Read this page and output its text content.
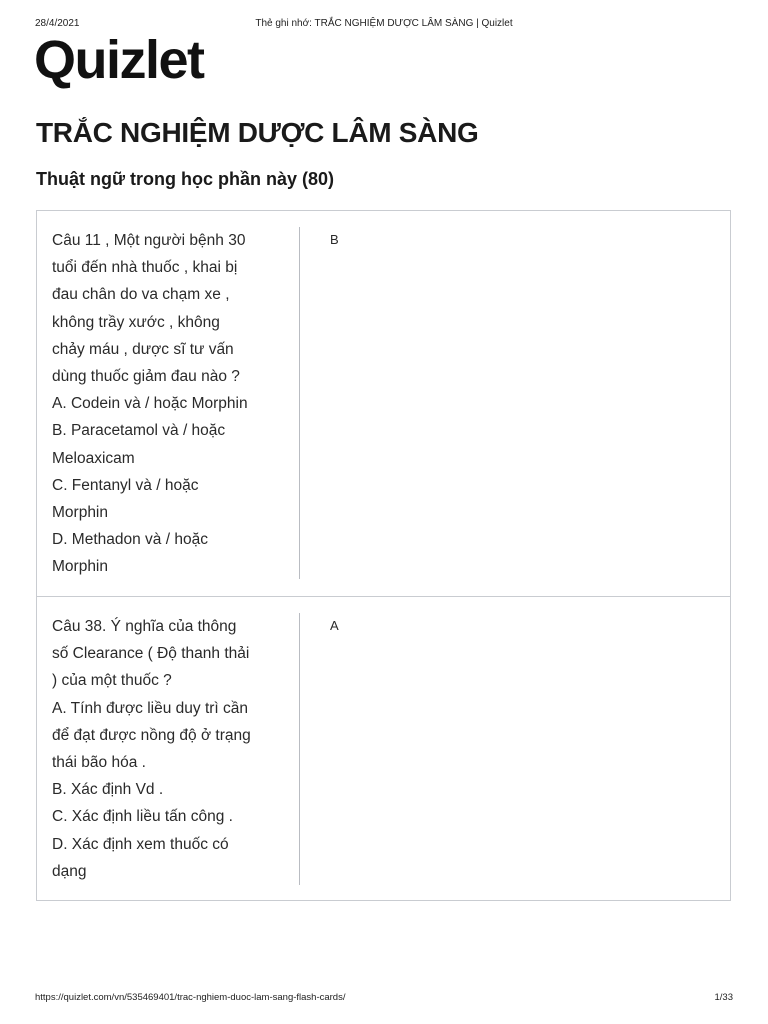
28/4/2021	Thẻ ghi nhớ: TRẮC NGHIỆM DƯỢC LÂM SÀNG | Quizlet
Quizlet
TRẮC NGHIỆM DƯỢC LÂM SÀNG
Thuật ngữ trong học phần này (80)
Câu 11 , Một người bệnh 30
tuổi đến nhà thuốc , khai bị
đau chân do va chạm xe ,
không trầy xước , không
chảy máu , dược sĩ tư vấn
dùng thuốc giảm đau nào ?
A. Codein và / hoặc Morphin
B. Paracetamol và / hoặc
Meloaxicam
C. Fentanyl và / hoặc
Morphin
D. Methadon và / hoặc
Morphin
B
Câu 38. Ý nghĩa của thông
số Clearance ( Độ thanh thải
) của một thuốc ?
A. Tính được liều duy trì cần
để đạt được nồng độ ở trạng
thái bão hóa .
B. Xác định Vd .
C. Xác định liều tấn công .
D. Xác định xem thuốc có
dạng
A
https://quizlet.com/vn/535469401/trac-nghiem-duoc-lam-sang-flash-cards/	1/33
